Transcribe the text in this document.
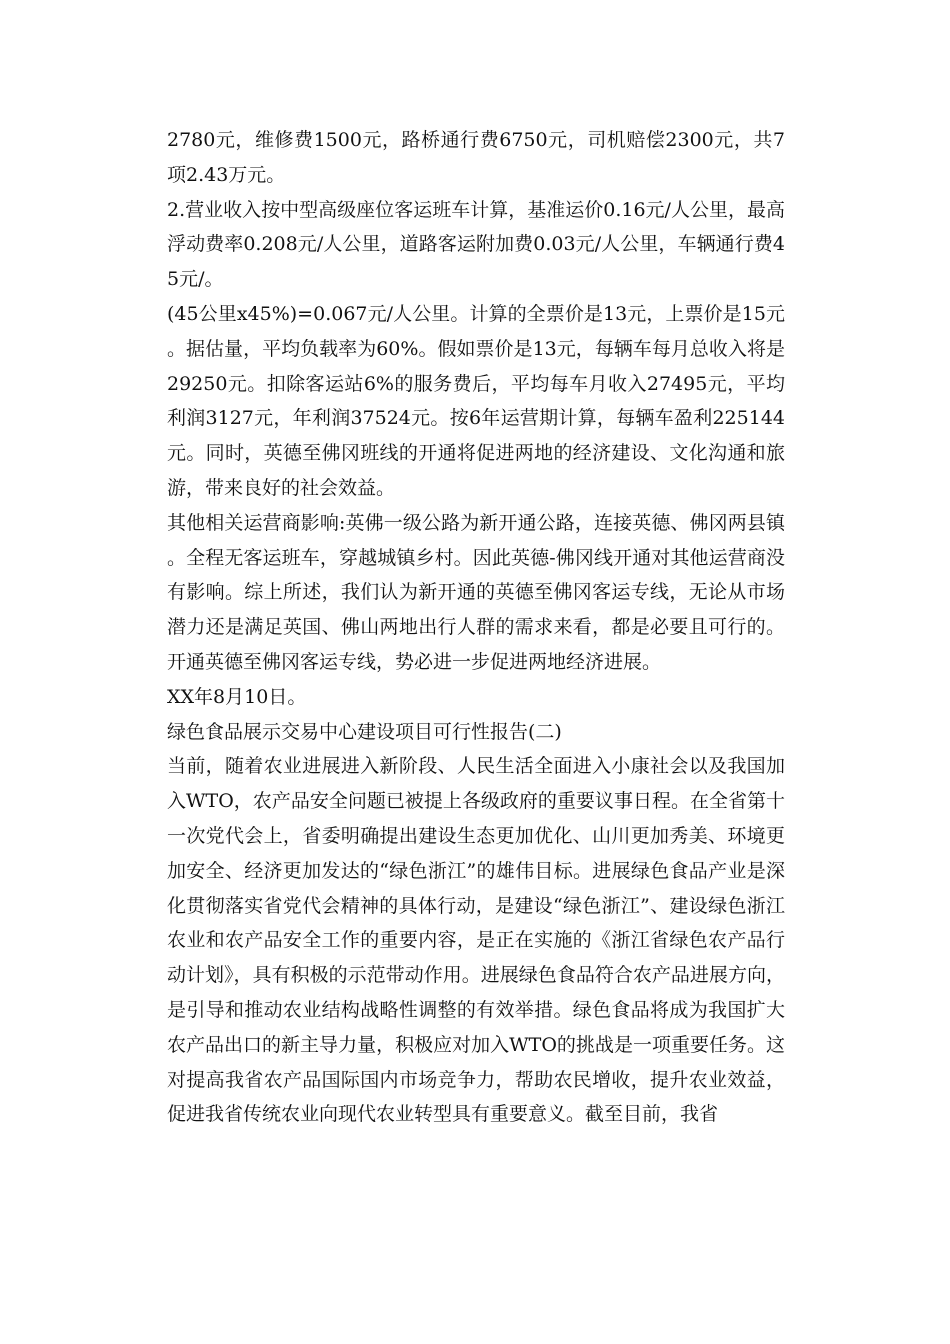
2780元，维修费1500元，路桥通行费6750元，司机赔偿2300元，共7项2.43万元。

2.营业收入按中型高级座位客运班车计算，基准运价0.16元/人公里，最高浮动费率0.208元/人公里，道路客运附加费0.03元/人公里，车辆通行费45元/。

(45公里x45%)=0.067元/人公里。计算的全票价是13元，上票价是15元。据估量，平均负载率为60%。假如票价是13元，每辆车每月总收入将是29250元。扣除客运站6%的服务费后，平均每车月收入27495元，平均利润3127元，年利润37524元。按6年运营期计算，每辆车盈利225144元。同时，英德至佛冈班线的开通将促进两地的经济建设、文化沟通和旅游，带来良好的社会效益。

其他相关运营商影响:英佛一级公路为新开通公路，连接英德、佛冈两县镇。全程无客运班车，穿越城镇乡村。因此英德-佛冈线开通对其他运营商没有影响。综上所述，我们认为新开通的英德至佛冈客运专线，无论从市场潜力还是满足英国、佛山两地出行人群的需求来看，都是必要且可行的。开通英德至佛冈客运专线，势必进一步促进两地经济进展。

XX年8月10日。

绿色食品展示交易中心建设项目可行性报告(二)

当前，随着农业进展进入新阶段、人民生活全面进入小康社会以及我国加入WTO，农产品安全问题已被提上各级政府的重要议事日程。在全省第十一次党代会上，省委明确提出建设生态更加优化、山川更加秀美、环境更加安全、经济更加发达的“绿色浙江”的雄伟目标。进展绿色食品产业是深化贯彻落实省党代会精神的具体行动，是建设“绿色浙江”、建设绿色浙江农业和农产品安全工作的重要内容，是正在实施的《浙江省绿色农产品行动计划》，具有积极的示范带动作用。进展绿色食品符合农产品进展方向，是引导和推动农业结构战略性调整的有效举措。绿色食品将成为我国扩大农产品出口的新主导力量，积极应对加入WTO的挑战是一项重要任务。这对提高我省农产品国际国内市场竞争力，帮助农民增收，提升农业效益，促进我省传统农业向现代农业转型具有重要意义。截至目前，我省
